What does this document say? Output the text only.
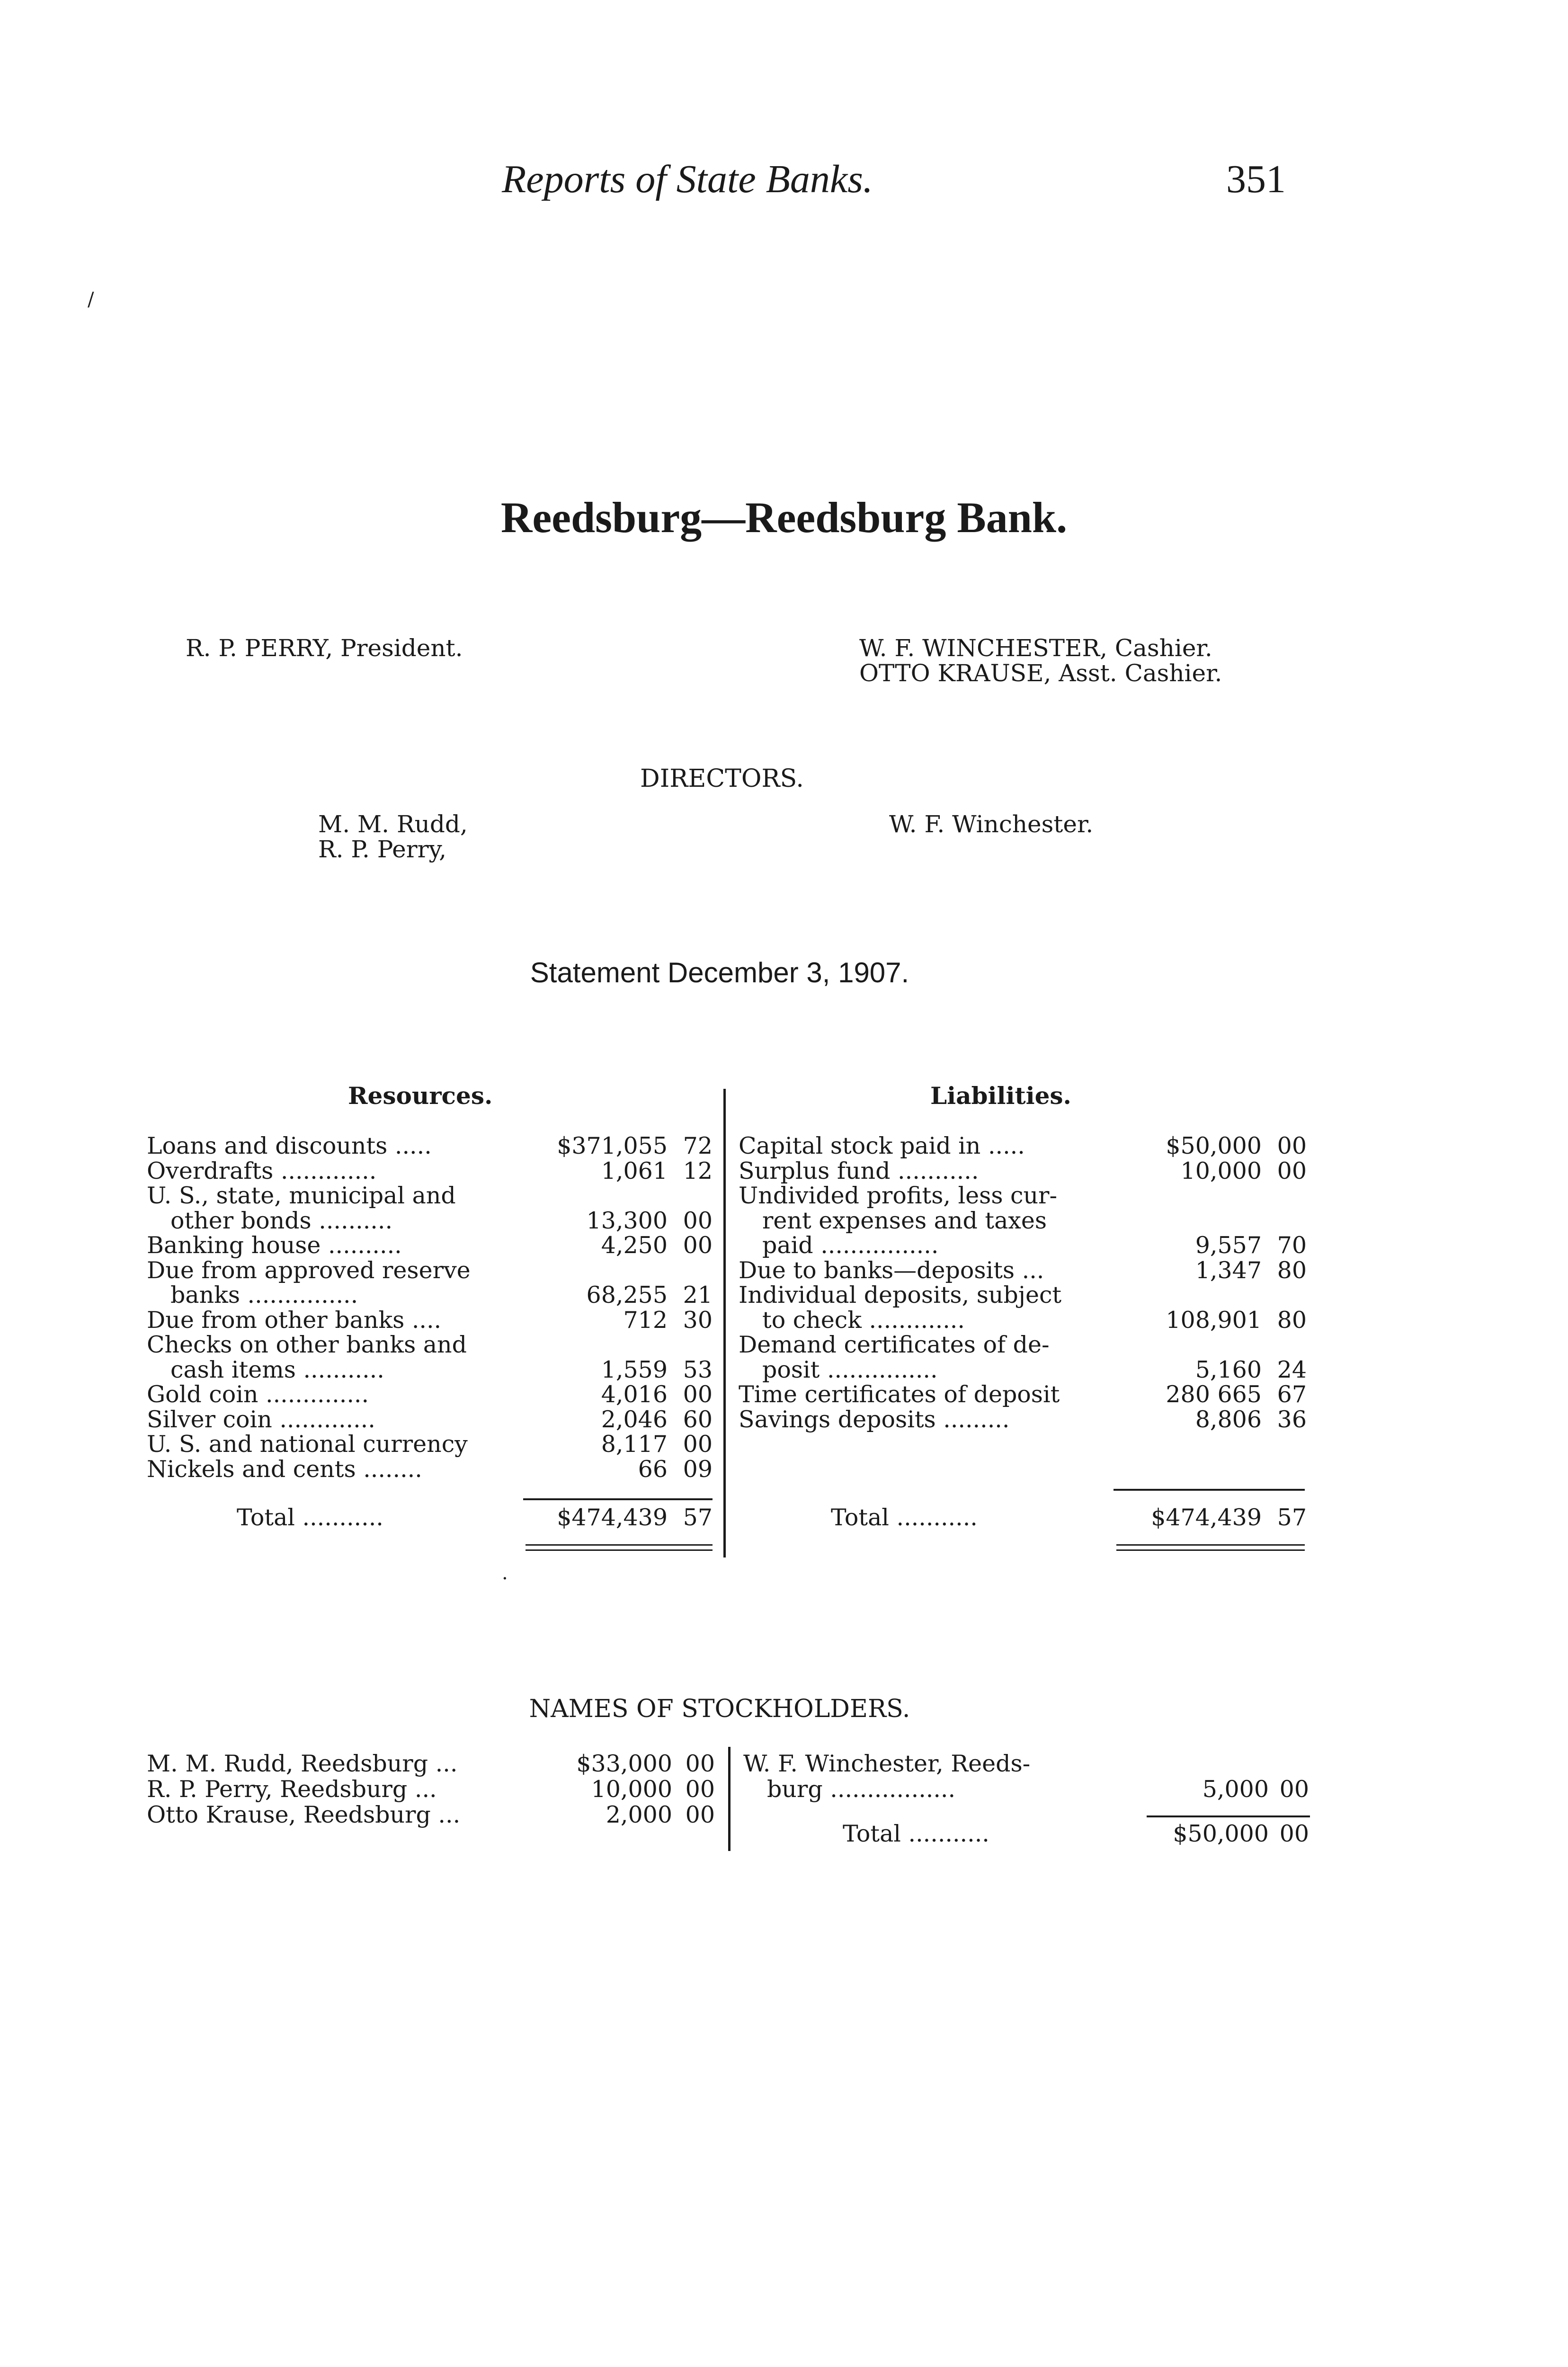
Reports of State Banks.	351
/
Reedsburg—Reedsburg Bank.
R. P. PERRY, President.	W. F. WINCHESTER, Cashier.
OTTO KRAUSE, Asst. Cashier.
DIRECTORS.
M. M. Rudd,
R. P. Perry,
W. F. Winchester.
Statement December 3, 1907.
Resources.	Liabilities.
Loans and discounts .....	$371,055 72
Overdrafts .............	1,061 12
U. S., state, municipal and
other bonds ..........	13,300 00
Banking house ..........	4,250 00
Due from approved reserve
banks ...............	68,255 21
Due from other banks ....	712 30
Checks on other banks and
cash items ...........	1,559 53
Gold coin ..............	4,016 00
Silver coin .............	2,046 60
U. S. and national currency	8,117 00
Nickels and cents ........	66 09
Total ...........	$474,439 57
Capital stock paid in .....	$50,000 00
Surplus fund ...........	10,000 00
Undivided profits, less cur-
rent expenses and taxes
paid ................	9,557 70
Due to banks—deposits ...	1,347 80
Individual deposits, subject
to check .............	108,901 80
Demand certificates of de-
posit ...............	5,160 24
Time certificates of deposit	280 665 67
Savings deposits .........	8,806 36
Total ...........	$474,439 57
.
NAMES OF STOCKHOLDERS.
M. M. Rudd, Reedsburg ...	$33,000 00
R. P. Perry, Reedsburg ...	10,000 00
Otto Krause, Reedsburg ...	2,000 00
W. F. Winchester, Reeds-
burg .................	5,000 00
Total ...........	$50,000 00
